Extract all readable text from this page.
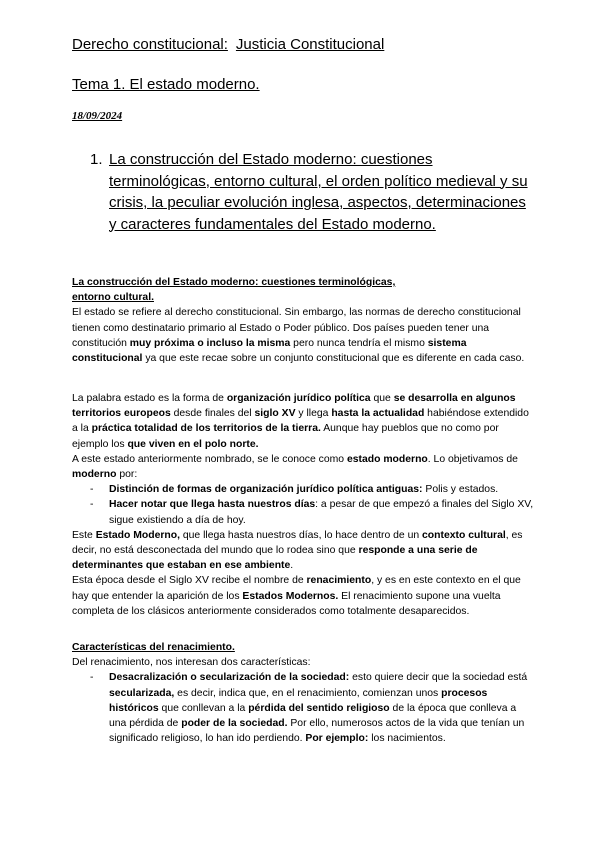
Derecho constitucional: Justicia Constitucional
Tema 1. El estado moderno.
18/09/2024
1. La construcción del Estado moderno: cuestiones terminológicas, entorno cultural, el orden político medieval y su crisis, la peculiar evolución inglesa, aspectos, determinaciones y caracteres fundamentales del Estado moderno.

La construcción del Estado moderno: cuestiones terminológicas,
entorno cultural.

El estado se refiere al derecho constitucional. Sin embargo, las normas de derecho constitucional tienen como destinatario primario al Estado o Poder público. Dos países pueden tener una constitución muy próxima o incluso la misma pero nunca tendría el mismo sistema constitucional ya que este recae sobre un conjunto constitucional que es diferente en cada caso.

La palabra estado es la forma de organización jurídico política que se desarrolla en algunos territorios europeos desde finales del siglo XV y llega hasta la actualidad habiéndose extendido a la práctica totalidad de los territorios de la tierra. Aunque hay pueblos que no como por ejemplo los que viven en el polo norte.

A este estado anteriormente nombrado, se le conoce como estado moderno. Lo objetivamos de moderno por:

- Distinción de formas de organización jurídico política antiguas: Polis y estados.

- Hacer notar que llega hasta nuestros días: a pesar de que empezó a finales del Siglo XV, sigue existiendo a día de hoy.

Este Estado Moderno, que llega hasta nuestros días, lo hace dentro de un contexto cultural, es decir, no está desconectada del mundo que lo rodea sino que responde a una serie de determinantes que estaban en ese ambiente.

Esta época desde el Siglo XV recibe el nombre de renacimiento, y es en este contexto en el que hay que entender la aparición de los Estados Modernos. El renacimiento supone una vuelta completa de los clásicos anteriormente considerados como totalmente desaparecidos.

Características del renacimiento.

Del renacimiento, nos interesan dos características:

- Desacralización o secularización de la sociedad: esto quiere decir que la sociedad está secularizada, es decir, indica que, en el renacimiento, comienzan unos procesos históricos que conllevan a la pérdida del sentido religioso de la época que conlleva a una pérdida de poder de la sociedad. Por ello, numerosos actos de la vida que tenían un significado religioso, lo han ido perdiendo. Por ejemplo: los nacimientos.
